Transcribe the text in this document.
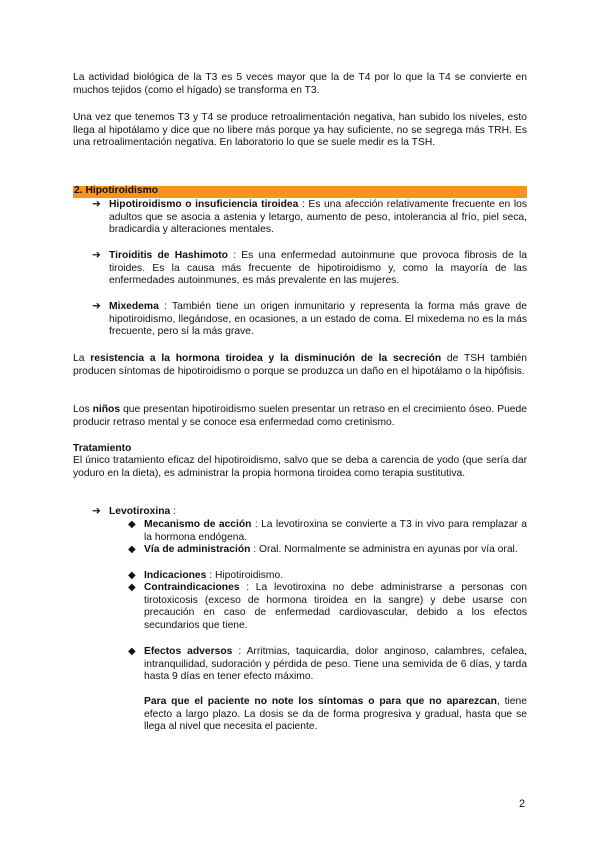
La actividad biológica de la T3 es 5 veces mayor que la de T4 por lo que la T4 se convierte en muchos tejidos (como el hígado) se transforma en T3.

Una vez que tenemos T3 y T4 se produce retroalimentación negativa, han subido los niveles, esto llega al hipotálamo y dice que no libere más porque ya hay suficiente, no se segrega más TRH. Es una retroalimentación negativa. En laboratorio lo que se suele medir es la TSH.

2. Hipotiroidismo
➔ Hipotiroidismo o insuficiencia tiroidea : Es una afección relativamente frecuente en los adultos que se asocia a astenia y letargo, aumento de peso, intolerancia al frío, piel seca, bradicardia y alteraciones mentales.

➔ Tiroiditis de Hashimoto : Es una enfermedad autoinmune que provoca fibrosis de la tiroides. Es la causa más frecuente de hipotiroidismo y, como la mayoría de las enfermedades autoinmunes, es más prevalente en las mujeres.

➔ Mixedema : También tiene un origen inmunitario y representa la forma más grave de hipotiroidismo, llegándose, en ocasiones, a un estado de coma. El mixedema no es la más frecuente, pero sí la más grave.

La resistencia a la hormona tiroidea y la disminución de la secreción de TSH también producen síntomas de hipotiroidismo o porque se produzca un daño en el hipotálamo o la hipófisis.

Los niños que presentan hipotiroidismo suelen presentar un retraso en el crecimiento óseo. Puede producir retraso mental y se conoce esa enfermedad como cretinismo.

Tratamiento

El único tratamiento eficaz del hipotiroidismo, salvo que se deba a carencia de yodo (que sería dar yoduro en la dieta), es administrar la propia hormona tiroidea como terapia sustitutiva.

➔ Levotiroxina :

◆ Mecanismo de acción : La levotiroxina se convierte a T3 in vivo para remplazar a la hormona endógena.

◆ Vía de administración : Oral. Normalmente se administra en ayunas por vía oral.

◆ Indicaciones : Hipotiroidismo.

◆ Contraindicaciones : La levotiroxina no debe administrarse a personas con tirotoxicosis (exceso de hormona tiroidea en la sangre) y debe usarse con precaución en caso de enfermedad cardiovascular, debido a los efectos secundarios que tiene.

◆ Efectos adversos : Arritmias, taquicardia, dolor anginoso, calambres, cefalea, intranquilidad, sudoración y pérdida de peso. Tiene una semivida de 6 días, y tarda hasta 9 días en tener efecto máximo.

Para que el paciente no note los síntomas o para que no aparezcan, tiene efecto a largo plazo. La dosis se da de forma progresiva y gradual, hasta que se llega al nivel que necesita el paciente.

2
